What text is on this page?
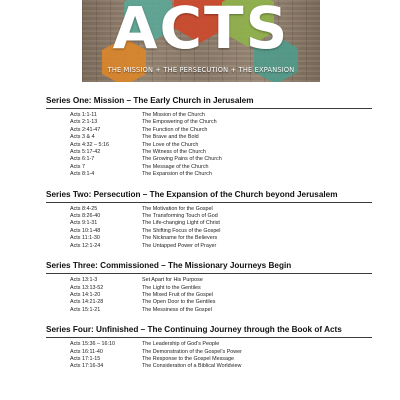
ACTS
THE MISSION + THE PERSECUTION + THE EXPANSION
Series One: Mission – The Early Church in Jerusalem
Acts 1:1-11	The Mission of the Church
Acts 2:1-13	The Empowering of the Church
Acts 2:41-47	The Function of the Church
Acts 3 & 4	The Brave and the Bold
Acts 4:32 – 5:16	The Love of the Church
Acts 5:17-42	The Witness of the Church
Acts 6:1-7	The Growing Pains of the Church
Acts 7	The Message of the Church
Acts 8:1-4	The Expansion of the Church
Series Two: Persecution – The Expansion of the Church beyond Jerusalem
Acts 8:4-25	The Motivation for the Gospel
Acts 8:26-40	The Transforming Touch of God
Acts 9:1-31	The Life-changing Light of Christ
Acts 10:1-48	The Shifting Focus of the Gospel
Acts 11:1-30	The Nickname for the Believers
Acts 12:1-24	The Untapped Power of Prayer
Series Three: Commissioned – The Missionary Journeys Begin
Acts 13:1-3	Set Apart for His Purpose
Acts 13:13-52	The Light to the Gentiles
Acts 14:1-20	The Mixed Fruit of the Gospel
Acts 14:21-28	The Open Door to the Gentiles
Acts 15:1-21	The Messiness of the Gospel
Series Four: Unfinished – The Continuing Journey through the Book of Acts
Acts 15:36 – 16:10	The Leadership of God’s People
Acts 16:11-40	The Demonstration of the Gospel’s Power
Acts 17:1-15	The Response to the Gospel Message
Acts 17:16-34	The Consideration of a Biblical Worldview
